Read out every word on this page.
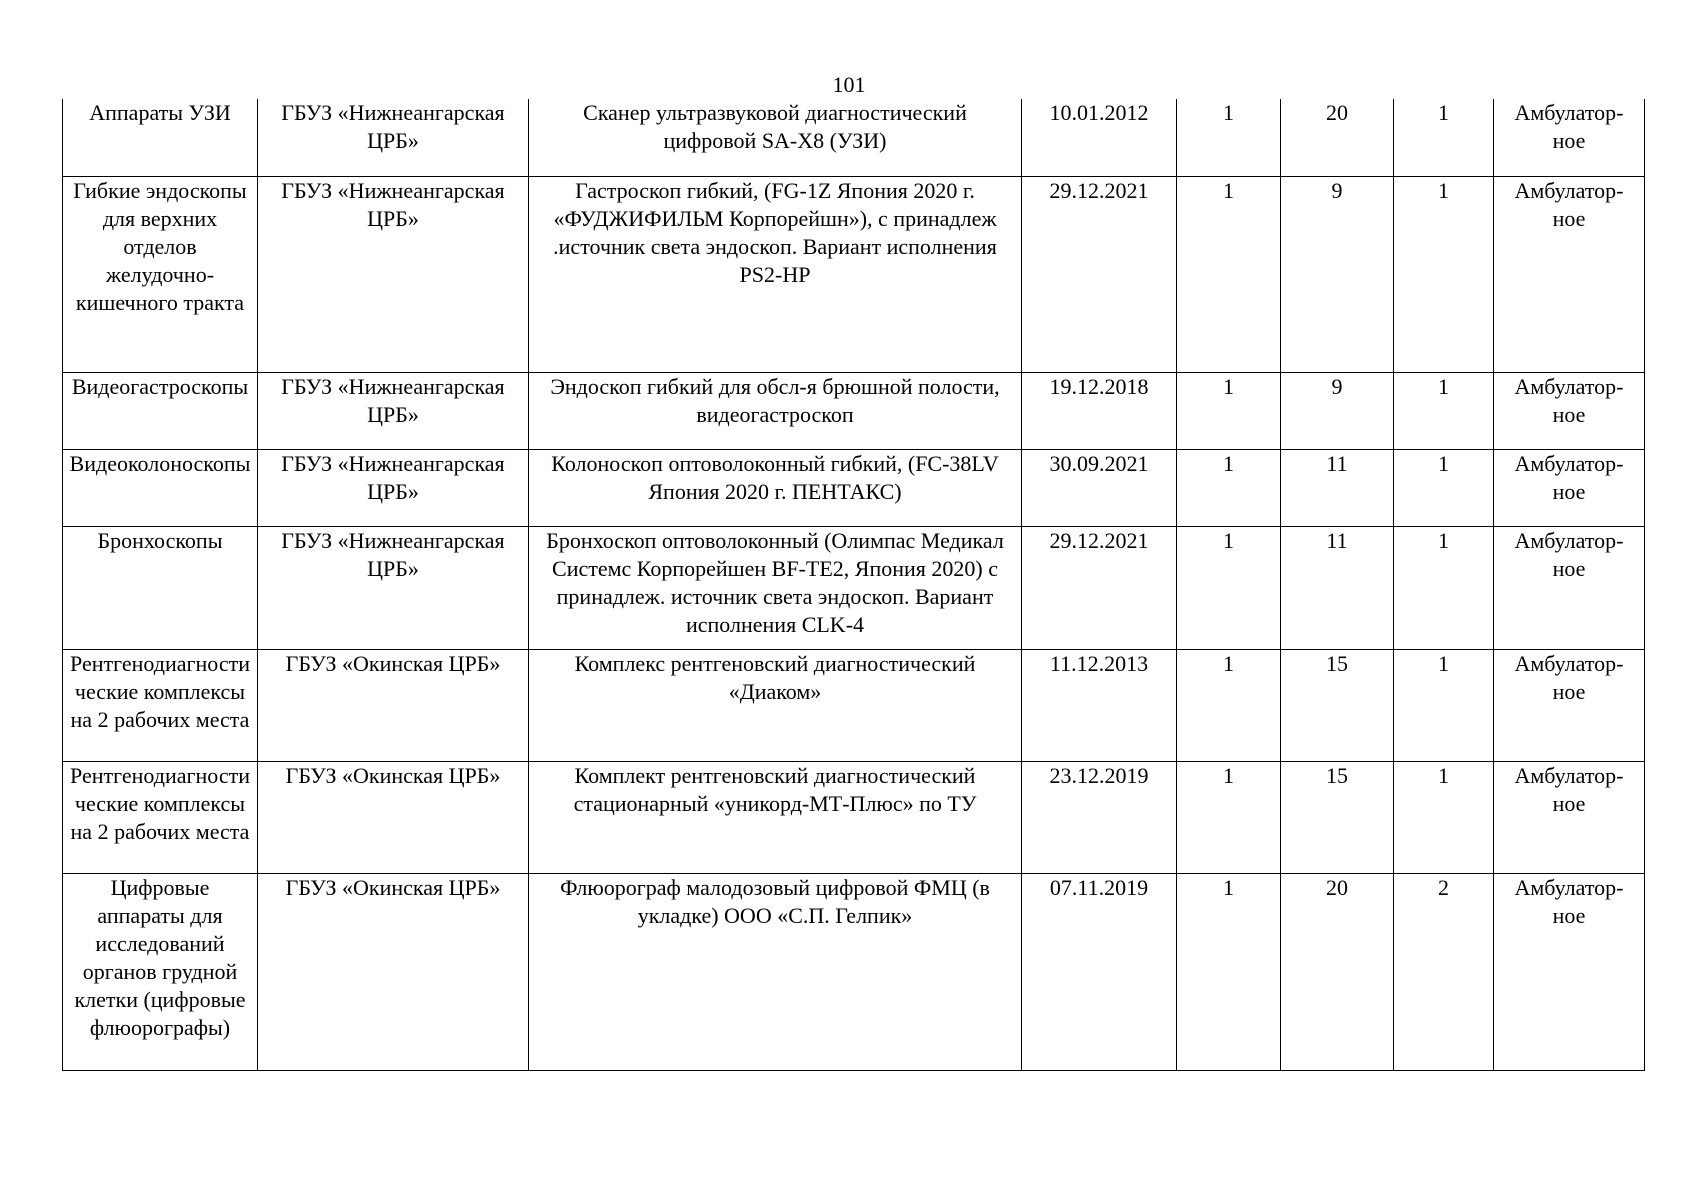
101
Аппараты УЗИ	ГБУЗ «Нижнеангарская ЦРБ»	Сканер ультразвуковой диагностический цифровой SA-X8 (УЗИ)	10.01.2012	1	20	1	Амбулатор-ное
Гибкие эндоскопы для верхних отделов желудочно-кишечного тракта	ГБУЗ «Нижнеангарская ЦРБ»	Гастроскоп гибкий, (FG-1Z Япония 2020 г. «ФУДЖИФИЛЬМ Корпорейшн»), с принадлеж .источник света эндоскоп. Вариант исполнения PS2-HP	29.12.2021	1	9	1	Амбулатор-ное
Видеогастроскопы	ГБУЗ «Нижнеангарская ЦРБ»	Эндоскоп гибкий для обсл-я брюшной полости, видеогастроскоп	19.12.2018	1	9	1	Амбулатор-ное
Видеоколоноскопы	ГБУЗ «Нижнеангарская ЦРБ»	Колоноскоп оптоволоконный гибкий, (FC-38LV Япония 2020 г. ПЕНТАКС)	30.09.2021	1	11	1	Амбулатор-ное
Бронхоскопы	ГБУЗ «Нижнеангарская ЦРБ»	Бронхоскоп оптоволоконный (Олимпас Медикал Системс Корпорейшен BF-TE2, Япония 2020) с принадлеж. источник света эндоскоп. Вариант исполнения CLK-4	29.12.2021	1	11	1	Амбулатор-ное
Рентгенодиагностические комплексы на 2 рабочих места	ГБУЗ «Окинская ЦРБ»	Комплекс рентгеновский диагностический «Диаком»	11.12.2013	1	15	1	Амбулатор-ное
Рентгенодиагностические комплексы на 2 рабочих места	ГБУЗ «Окинская ЦРБ»	Комплект рентгеновский диагностический стационарный «уникорд-МТ-Плюс» по ТУ	23.12.2019	1	15	1	Амбулатор-ное
Цифровые аппараты для исследований органов грудной клетки (цифровые флюорографы)	ГБУЗ «Окинская ЦРБ»	Флюорограф малодозовый цифровой ФМЦ (в укладке) ООО «С.П. Гелпик»	07.11.2019	1	20	2	Амбулатор-ное
